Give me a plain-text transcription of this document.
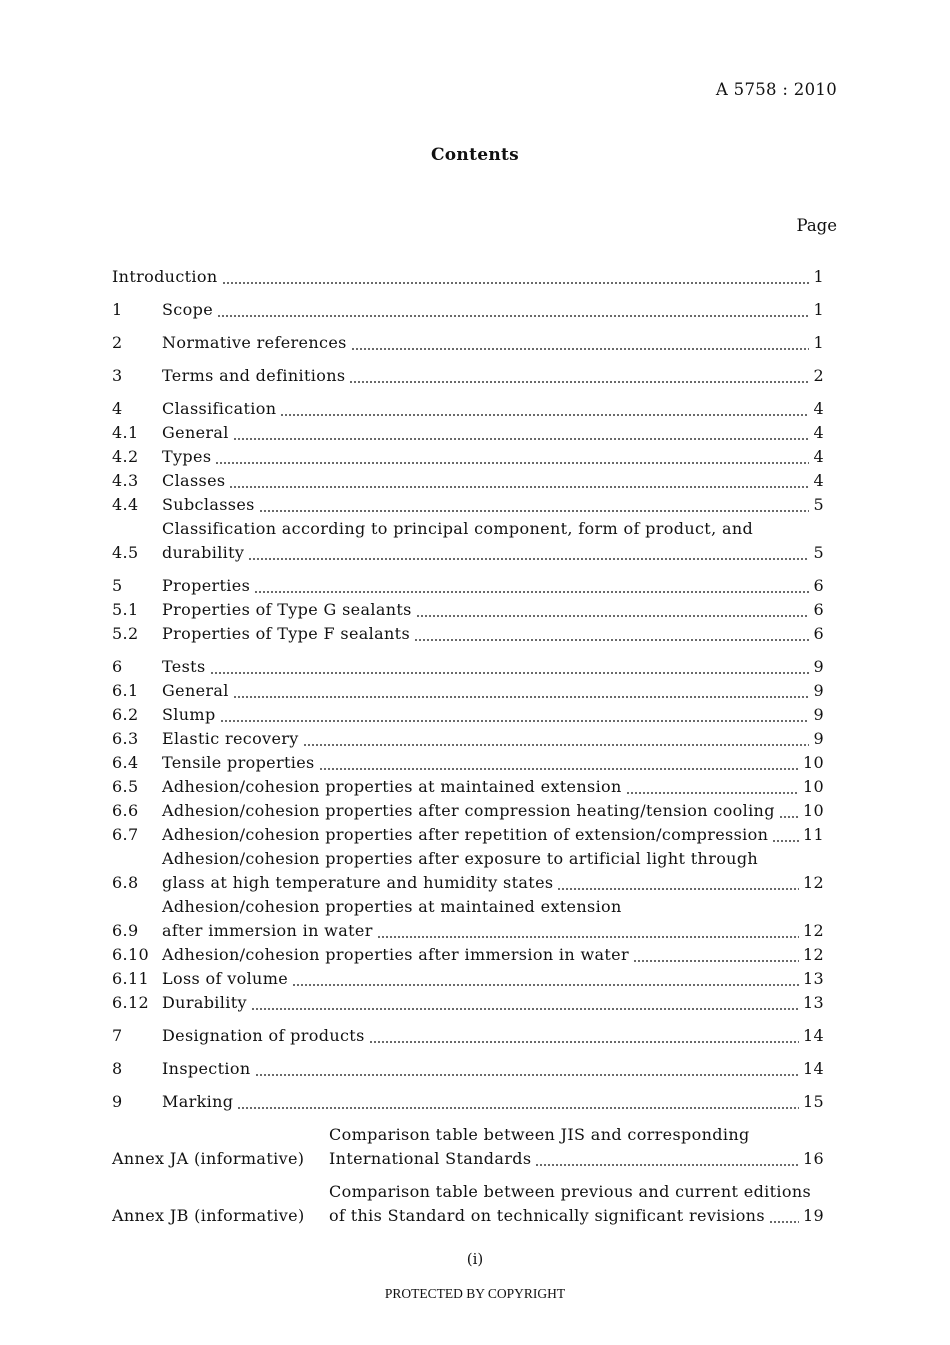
A 5758 : 2010
Contents
Page
Introduction	1
1	Scope	1
2	Normative references	1
3	Terms and definitions	2
4	Classification	4
4.1	General	4
4.2	Types	4
4.3	Classes	4
4.4	Subclasses	5
4.5
Classification according to principal component, form of product, and
durability	5
5	Properties	6
5.1	Properties of Type G sealants	6
5.2	Properties of Type F sealants	6
6	Tests	9
6.1	General	9
6.2	Slump	9
6.3	Elastic recovery	9
6.4	Tensile properties	10
6.5	Adhesion/cohesion properties at maintained extension	10
6.6	Adhesion/cohesion properties after compression heating/tension cooling 10
6.7	Adhesion/cohesion properties after repetition of extension/compression 11
6.8
Adhesion/cohesion properties after exposure to artificial light through
glass at high temperature and humidity states	12
6.9
Adhesion/cohesion properties at maintained extension
after immersion in water	12
6.10 Adhesion/cohesion properties after immersion in water	12
6.11 Loss of volume	13
6.12 Durability	13
7	Designation of products	14
8	Inspection	14
9	Marking	15
Annex JA (informative)
Comparison table between JIS and corresponding
International Standards	16
Annex JB (informative)
Comparison table between previous and current editions
of this Standard on technically significant revisions 19
(i)
PROTECTED BY COPYRIGHT
